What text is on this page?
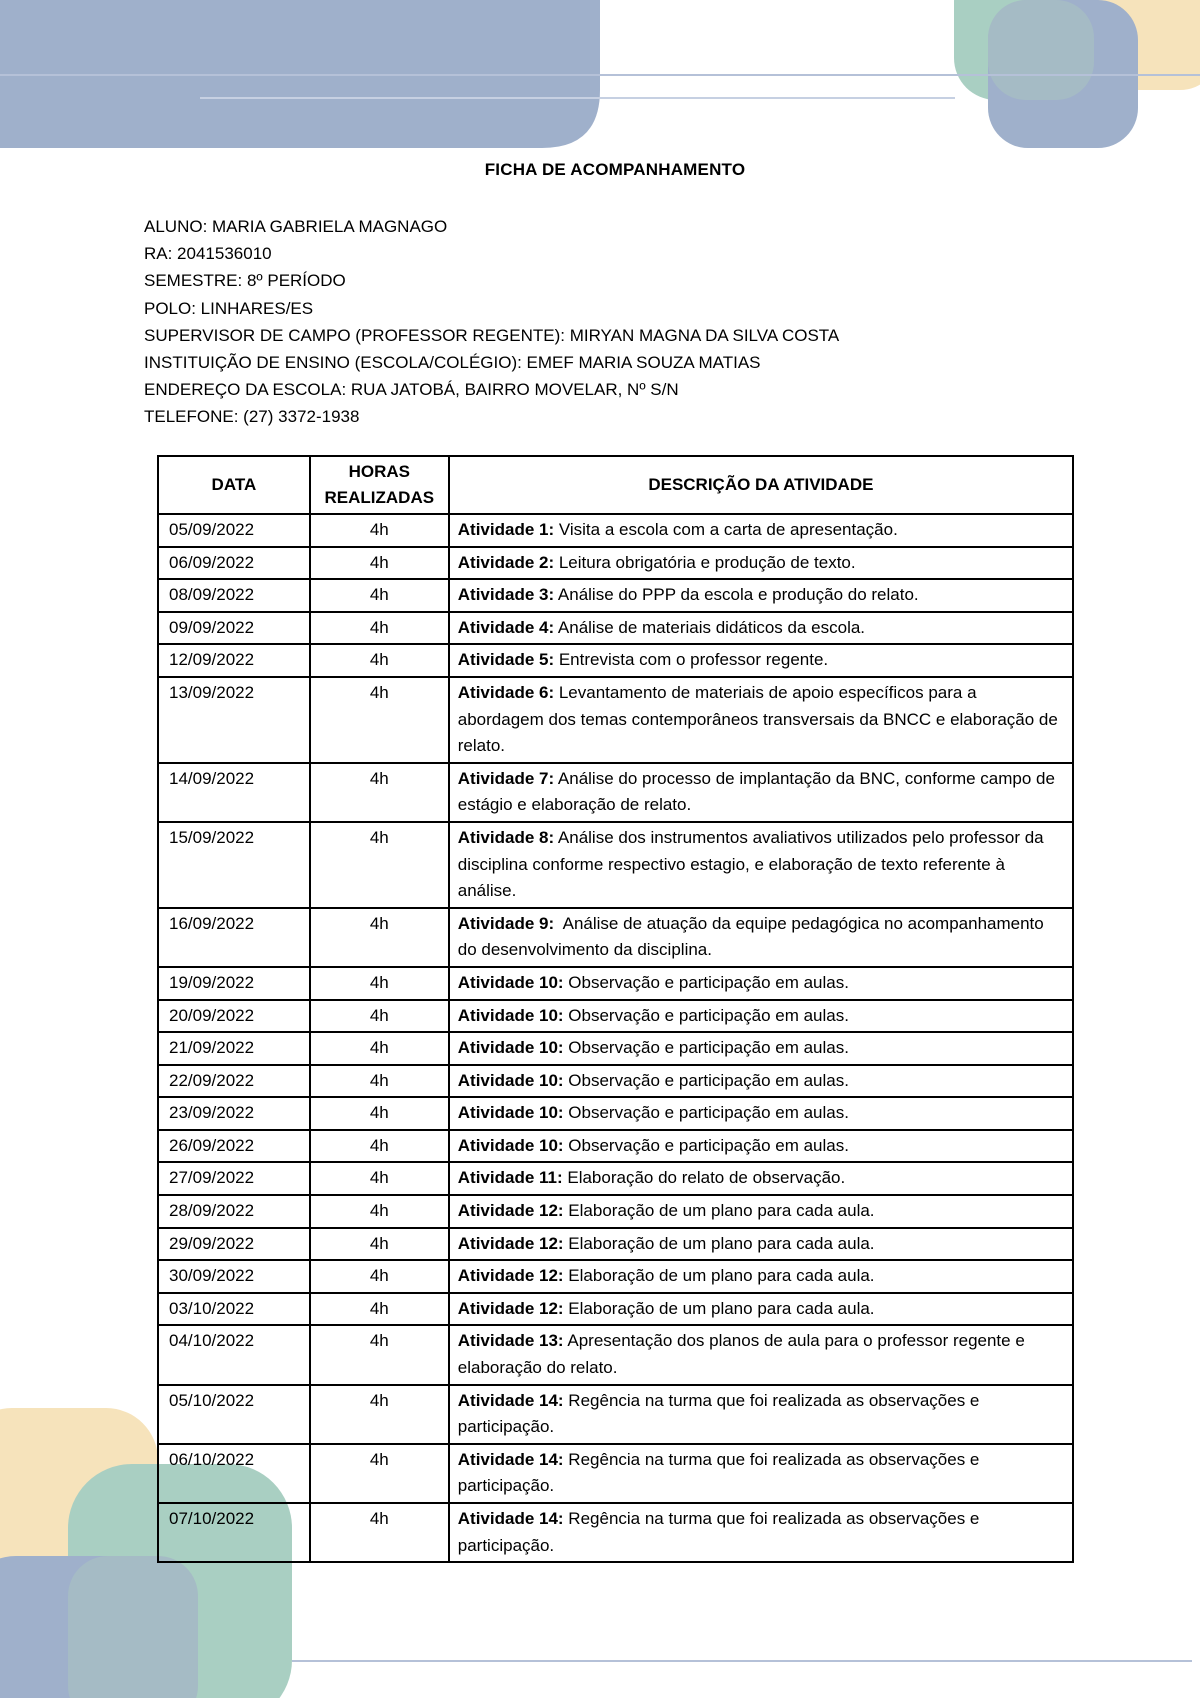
FICHA DE ACOMPANHAMENTO
ALUNO: MARIA GABRIELA MAGNAGO
RA: 2041536010
SEMESTRE: 8º PERÍODO
POLO: LINHARES/ES
SUPERVISOR DE CAMPO (PROFESSOR REGENTE): MIRYAN MAGNA DA SILVA COSTA
INSTITUIÇÃO DE ENSINO (ESCOLA/COLÉGIO): EMEF MARIA SOUZA MATIAS
ENDEREÇO DA ESCOLA: RUA JATOBÁ, BAIRRO MOVELAR, Nº S/N
TELEFONE: (27) 3372-1938
DATA	HORAS REALIZADAS	DESCRIÇÃO DA ATIVIDADE
05/09/2022	4h	Atividade 1: Visita a escola com a carta de apresentação.
06/09/2022	4h	Atividade 2: Leitura obrigatória e produção de texto.
08/09/2022	4h	Atividade 3: Análise do PPP da escola e produção do relato.
09/09/2022	4h	Atividade 4: Análise de materiais didáticos da escola.
12/09/2022	4h	Atividade 5: Entrevista com o professor regente.
13/09/2022	4h	Atividade 6: Levantamento de materiais de apoio específicos para a abordagem dos temas contemporâneos transversais da BNCC e elaboração de relato.
14/09/2022	4h	Atividade 7: Análise do processo de implantação da BNC, conforme campo de estágio e elaboração de relato.
15/09/2022	4h	Atividade 8: Análise dos instrumentos avaliativos utilizados pelo professor da disciplina conforme respectivo estagio, e elaboração de texto referente à análise.
16/09/2022	4h	Atividade 9:  Análise de atuação da equipe pedagógica no acompanhamento do desenvolvimento da disciplina.
19/09/2022	4h	Atividade 10: Observação e participação em aulas.
20/09/2022	4h	Atividade 10: Observação e participação em aulas.
21/09/2022	4h	Atividade 10: Observação e participação em aulas.
22/09/2022	4h	Atividade 10: Observação e participação em aulas.
23/09/2022	4h	Atividade 10: Observação e participação em aulas.
26/09/2022	4h	Atividade 10: Observação e participação em aulas.
27/09/2022	4h	Atividade 11: Elaboração do relato de observação.
28/09/2022	4h	Atividade 12: Elaboração de um plano para cada aula.
29/09/2022	4h	Atividade 12: Elaboração de um plano para cada aula.
30/09/2022	4h	Atividade 12: Elaboração de um plano para cada aula.
03/10/2022	4h	Atividade 12: Elaboração de um plano para cada aula.
04/10/2022	4h	Atividade 13: Apresentação dos planos de aula para o professor regente e elaboração do relato.
05/10/2022	4h	Atividade 14: Regência na turma que foi realizada as observações e participação.
06/10/2022	4h	Atividade 14: Regência na turma que foi realizada as observações e participação.
07/10/2022	4h	Atividade 14: Regência na turma que foi realizada as observações e participação.
